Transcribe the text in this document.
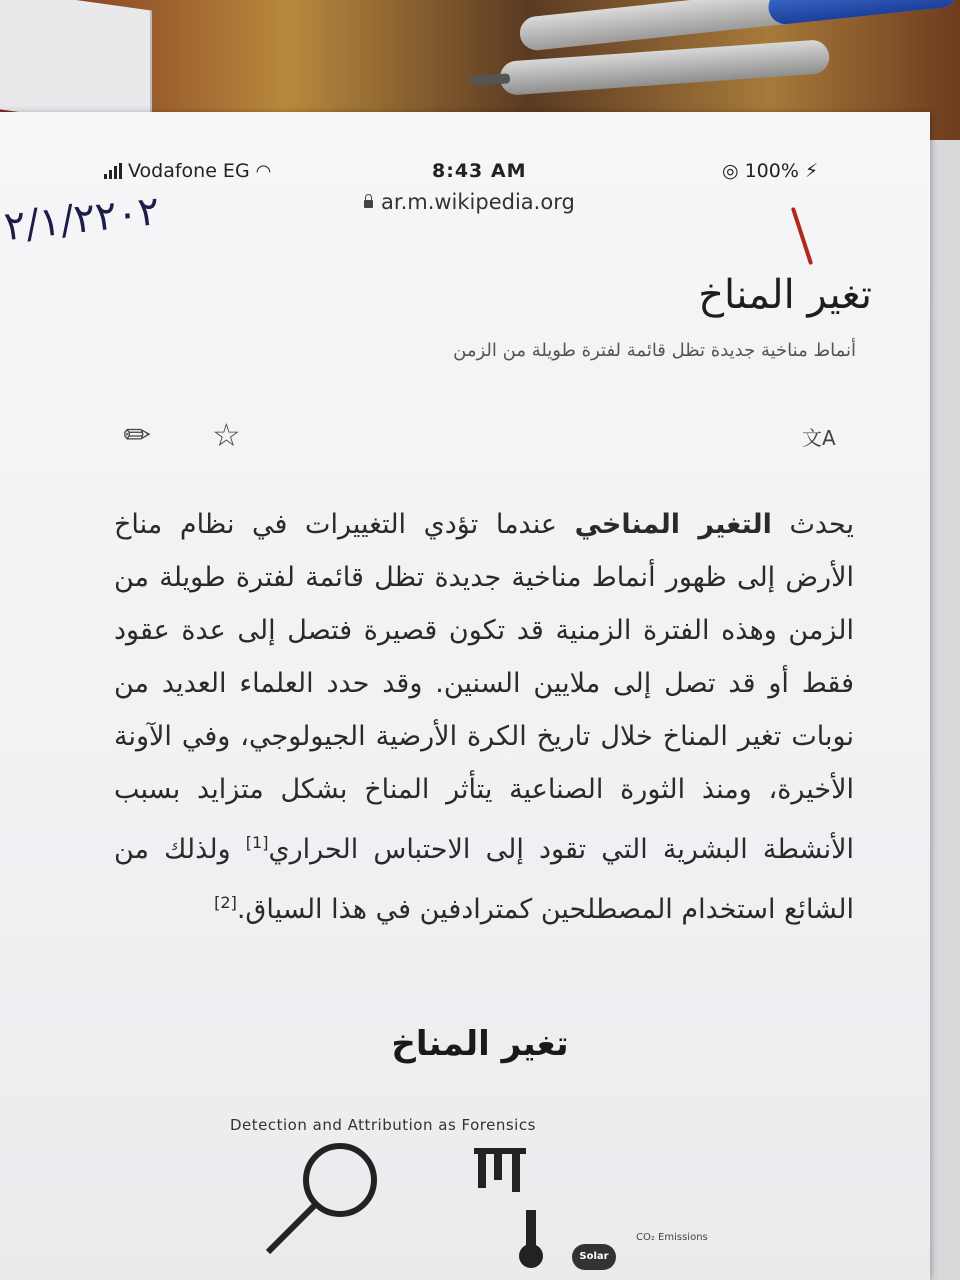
Vodafone EG ◠	8:43 AM	◎ 100% ⚡
ar.m.wikipedia.org
٢٠٢٢/١/٢
تغير المناخ
أنماط مناخية جديدة تظل قائمة لفترة طويلة من الزمن
✎ ☆	文A
يحدث التغير المناخي عندما تؤدي التغييرات في نظام مناخ الأرض إلى ظهور أنماط مناخية جديدة تظل قائمة لفترة طويلة من الزمن وهذه الفترة الزمنية قد تكون قصيرة فتصل إلى عدة عقود فقط أو قد تصل إلى ملايين السنين. وقد حدد العلماء العديد من نوبات تغير المناخ خلال تاريخ الكرة الأرضية الجيولوجي، وفي الآونة الأخيرة، ومنذ الثورة الصناعية يتأثر المناخ بشكل متزايد بسبب الأنشطة البشرية التي تقود إلى الاحتباس الحراري[1] ولذلك من الشائع استخدام المصطلحين كمترادفين في هذا السياق.[2]
تغير المناخ
Detection and Attribution as Forensics
Solar
CO₂ Emissions
